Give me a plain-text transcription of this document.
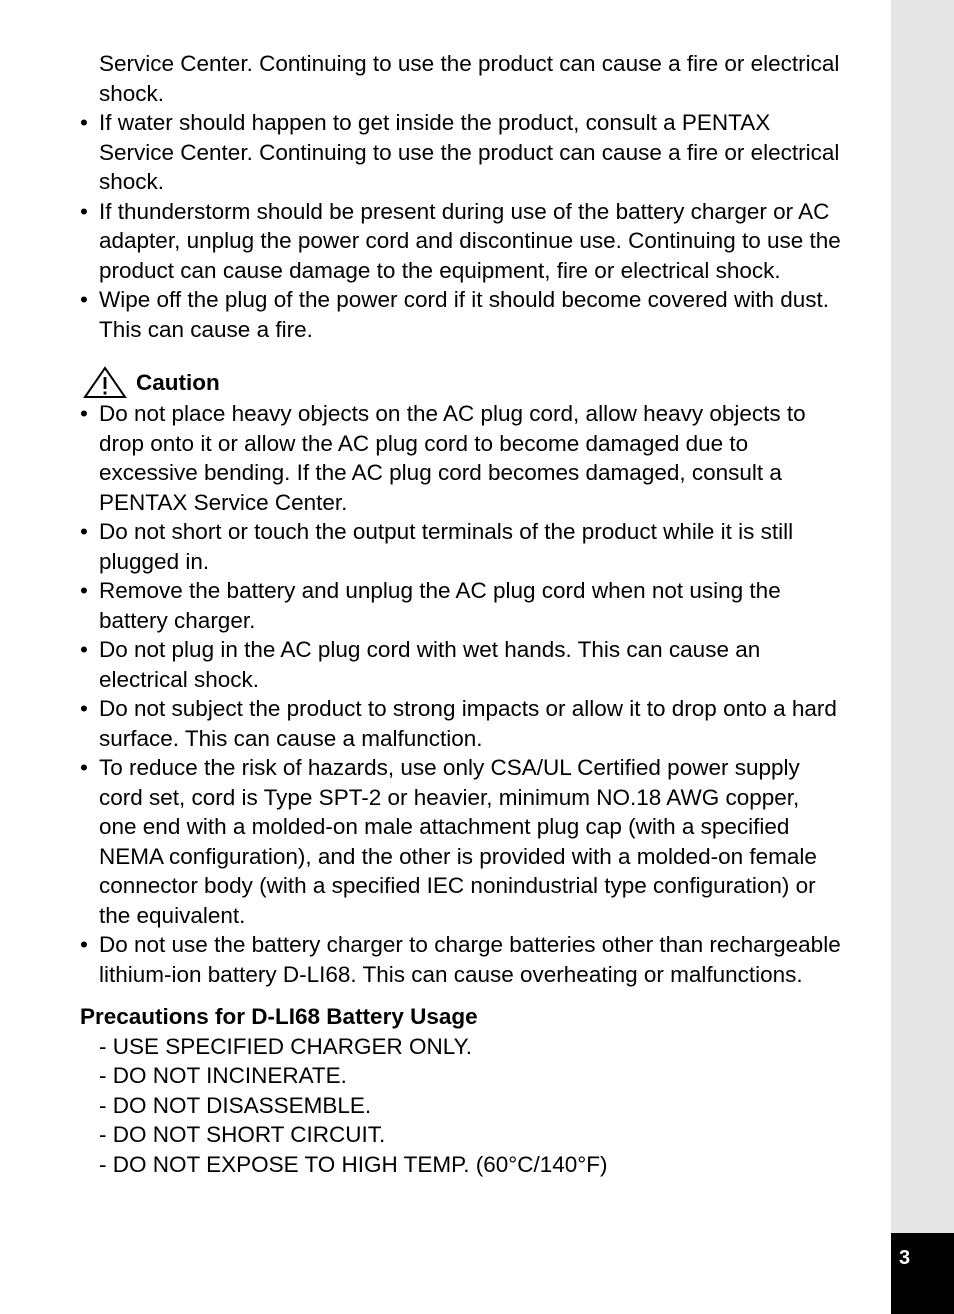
3
Service Center. Continuing to use the product can cause a fire or electrical
shock.
• If water should happen to get inside the product, consult a PENTAX
Service Center. Continuing to use the product can cause a fire or electrical
shock.
• If thunderstorm should be present during use of the battery charger or AC
adapter, unplug the power cord and discontinue use. Continuing to use the
product can cause damage to the equipment, fire or electrical shock.
• Wipe off the plug of the power cord if it should become covered with dust.
This can cause a fire.
Caution
• Do not place heavy objects on the AC plug cord, allow heavy objects to
drop onto it or allow the AC plug cord to become damaged due to
excessive bending. If the AC plug cord becomes damaged, consult a
PENTAX Service Center.
• Do not short or touch the output terminals of the product while it is still
plugged in.
• Remove the battery and unplug the AC plug cord when not using the
battery charger.
• Do not plug in the AC plug cord with wet hands. This can cause an
electrical shock.
• Do not subject the product to strong impacts or allow it to drop onto a hard
surface. This can cause a malfunction.
• To reduce the risk of hazards, use only CSA/UL Certified power supply
cord set, cord is Type SPT-2 or heavier, minimum NO.18 AWG copper,
one end with a molded-on male attachment plug cap (with a specified
NEMA configuration), and the other is provided with a molded-on female
connector body (with a specified IEC nonindustrial type configuration) or
the equivalent.
• Do not use the battery charger to charge batteries other than rechargeable
lithium-ion battery D-LI68. This can cause overheating or malfunctions.
Precautions for D-LI68 Battery Usage
- USE SPECIFIED CHARGER ONLY.
- DO NOT INCINERATE.
- DO NOT DISASSEMBLE.
- DO NOT SHORT CIRCUIT.
- DO NOT EXPOSE TO HIGH TEMP. (60°C/140°F)
